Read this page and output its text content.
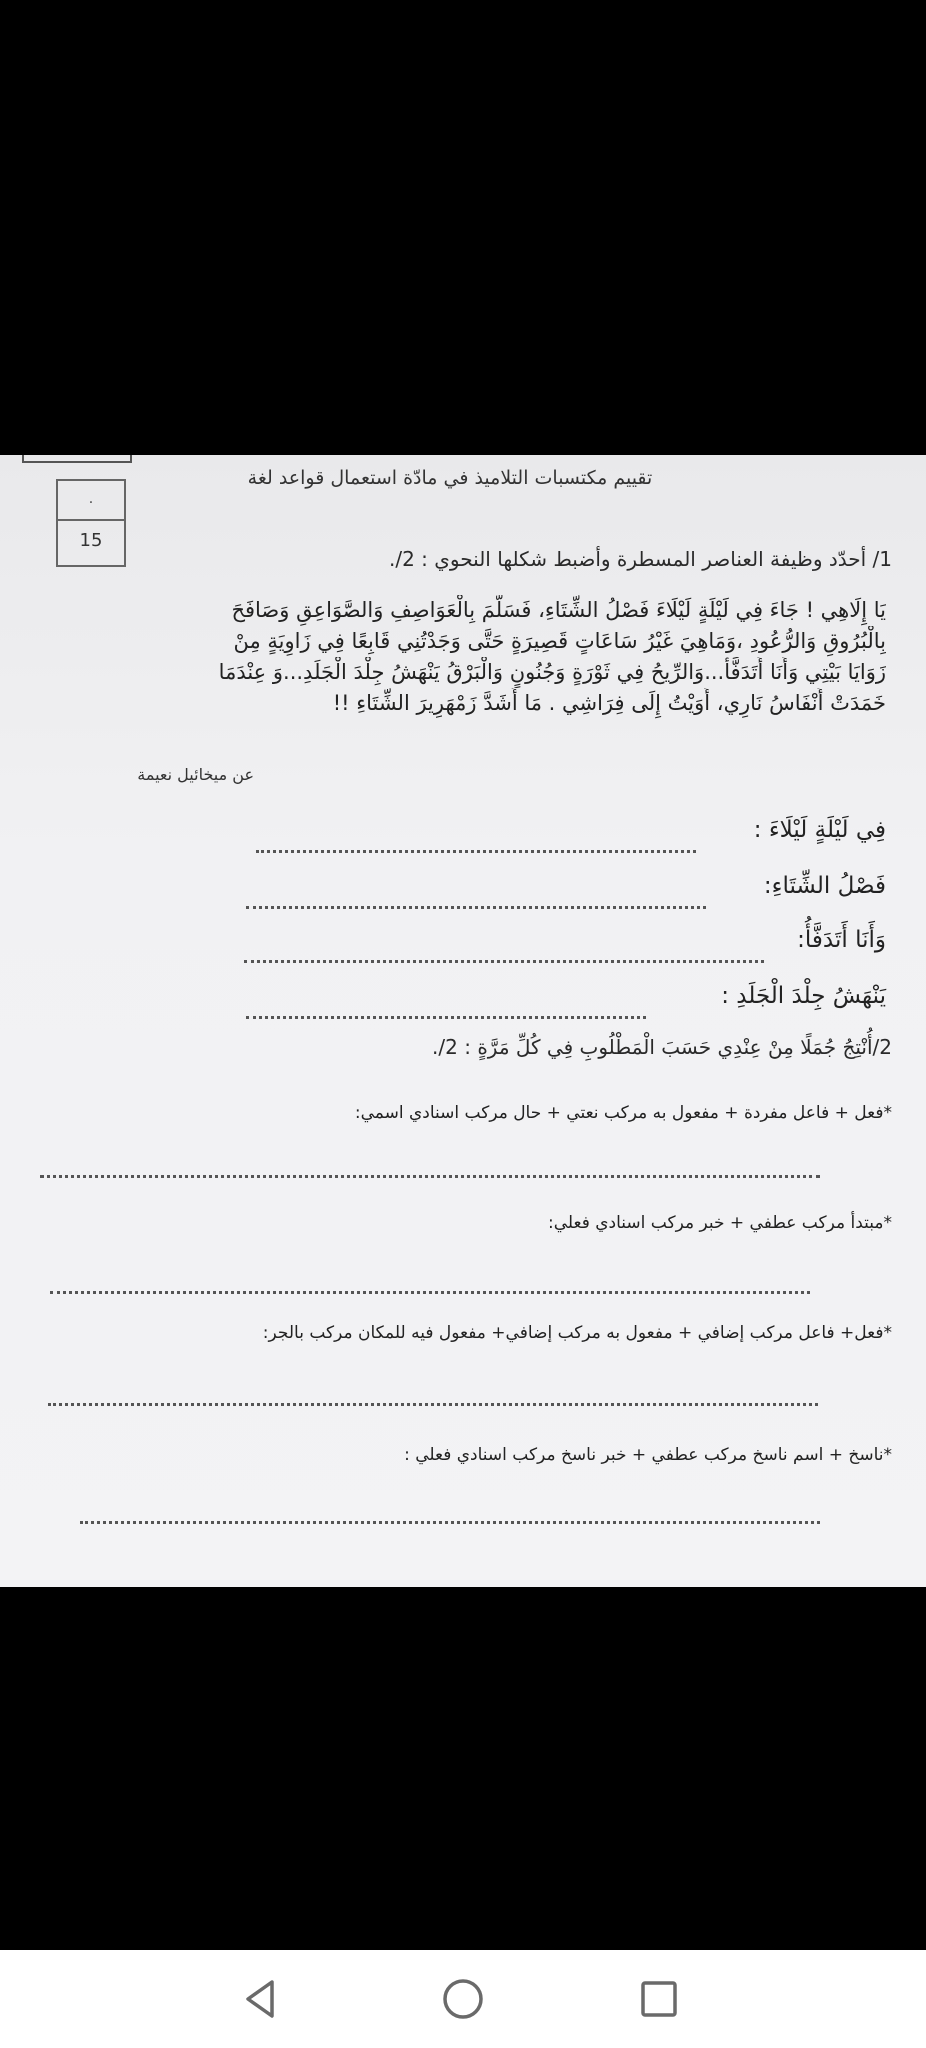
تقييم مكتسبات التلاميذ في مادّة استعمال قواعد لغة
.
15
1/ أحدّد وظيفة العناصر المسطرة وأضبط شكلها النحوي : 2/.
يَا إِلَاهِي ! جَاءَ فِي لَيْلَةٍ لَيْلَاءَ فَصْلُ الشِّتَاءِ، فَسَلَّمَ بِالْعَوَاصِفِ وَالصَّوَاعِقِ وَصَافَحَ
بِالْبُرُوقِ وَالرُّعُودِ ،وَمَاهِيَ غَيْرُ سَاعَاتٍ قَصِيرَةٍ حَتَّى وَجَدْتُنِي قَابِعًا فِي زَاوِيَةٍ مِنْ
زَوَايَا بَيْتِي وَأَنَا أَتَدَفَّأُ...وَالرِّيحُ فِي ثَوْرَةٍ وَجُنُونٍ وَالْبَرْقُ يَنْهَشُ جِلْدَ الْجَلَدِ...وَ عِنْدَمَا
خَمَدَتْ أَنْفَاسُ نَارِي، أَوَيْتُ إِلَى فِرَاشِي . مَا أَشَدَّ زَمْهَرِيرَ الشِّتَاءِ !!
عن ميخائيل نعيمة
فِي لَيْلَةٍ لَيْلَاءَ :
فَصْلُ الشِّتَاءِ:
وَأَنَا أَتَدَفَّأُ:
يَنْهَشُ جِلْدَ الْجَلَدِ :
2/أُنْتِجُ جُمَلًا مِنْ عِنْدِي حَسَبَ الْمَطْلُوبِ فِي كُلِّ مَرَّةٍ : 2/.
*فعل + فاعل مفردة + مفعول به مركب نعتي + حال مركب اسنادي اسمي:
*مبتدأ مركب عطفي + خبر مركب اسنادي فعلي:
*فعل+ فاعل مركب إضافي + مفعول به مركب إضافي+ مفعول فيه للمكان مركب بالجر:
*ناسخ + اسم ناسخ مركب عطفي + خبر ناسخ مركب اسنادي فعلي :
